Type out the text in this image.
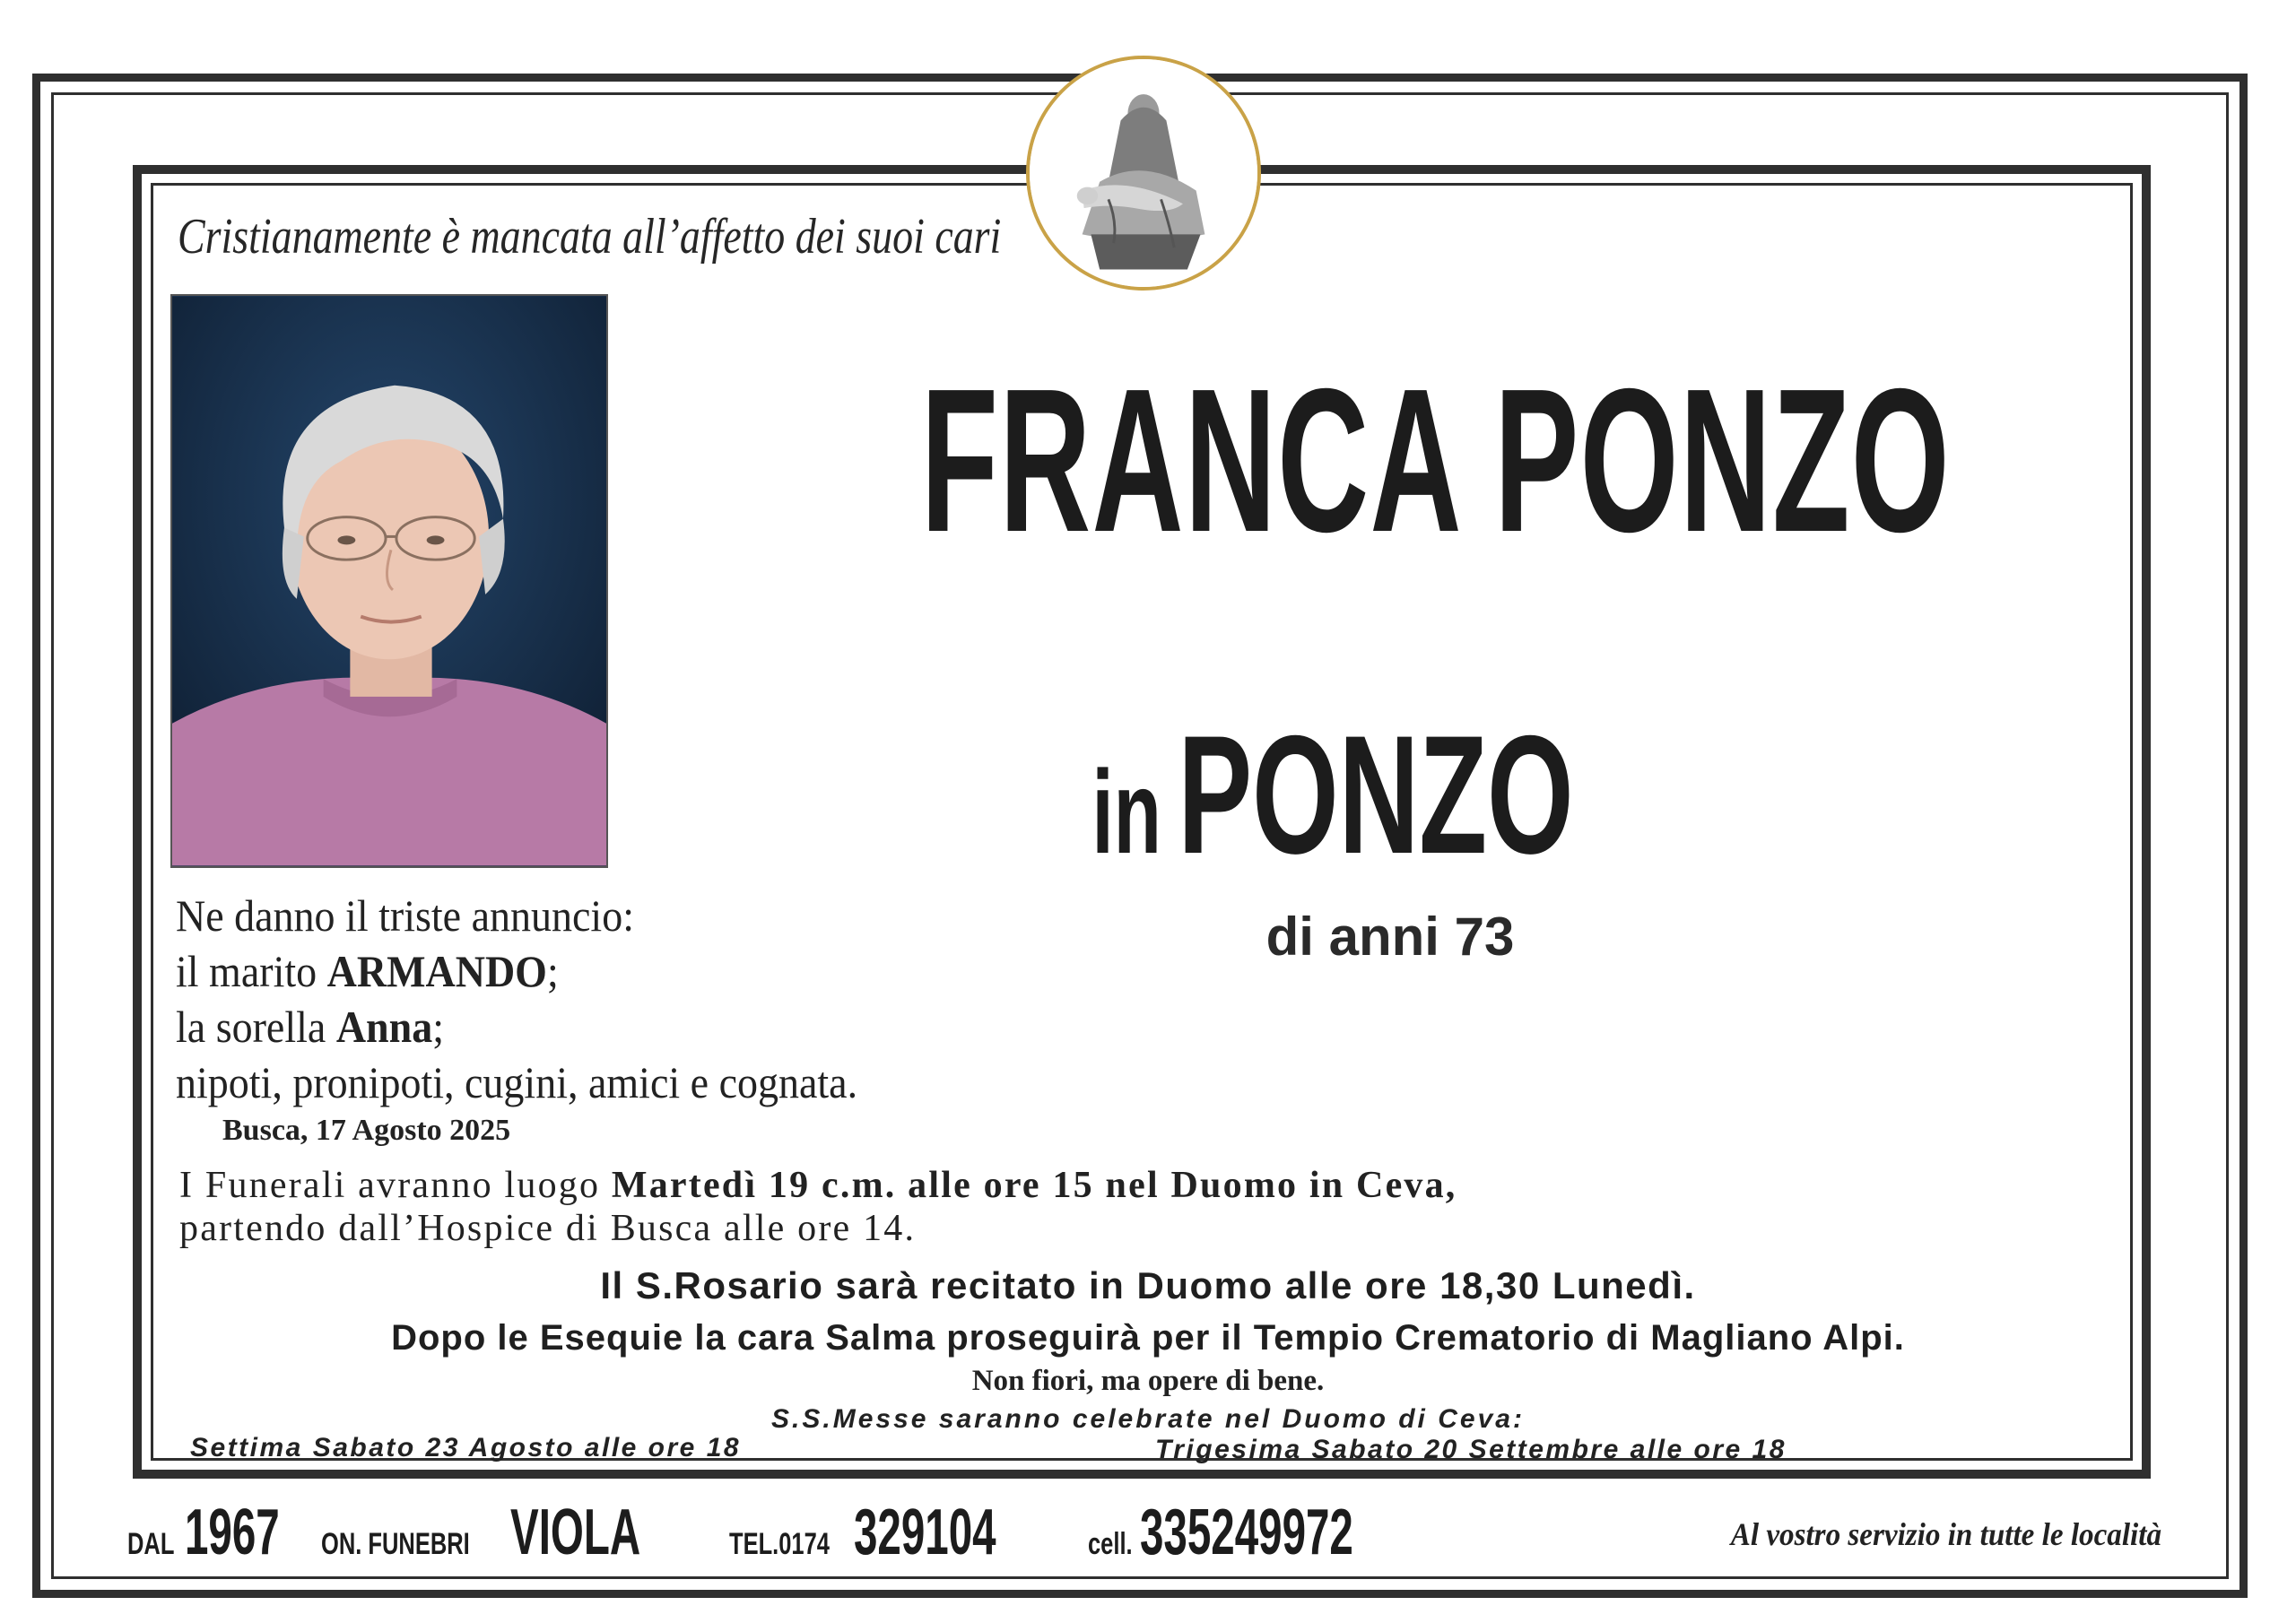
Cristianamente è mancata all’affetto dei suoi cari
FRANCA PONZO
inPONZO
di anni 73
Ne danno il triste annuncio:
il marito ARMANDO;
la sorella Anna;
nipoti, pronipoti, cugini, amici e cognata.
Busca, 17 Agosto 2025
I Funerali avranno luogo Martedì 19 c.m. alle ore 15 nel Duomo in Ceva,
partendo dall’Hospice di Busca alle ore 14.
Il S.Rosario sarà recitato in Duomo alle ore 18,30 Lunedì.
Dopo le Esequie la cara Salma proseguirà per il Tempio Crematorio di Magliano Alpi.
Non fiori, ma opere di bene.
S.S.Messe saranno celebrate nel Duomo di Ceva:
Settima Sabato 23 Agosto alle ore 18	Trigesima Sabato 20 Settembre alle ore 18
DAL1967ON. FUNEBRIVIOLA	TEL.0174329104	cell. 335249972	Al vostro servizio in tutte le località
